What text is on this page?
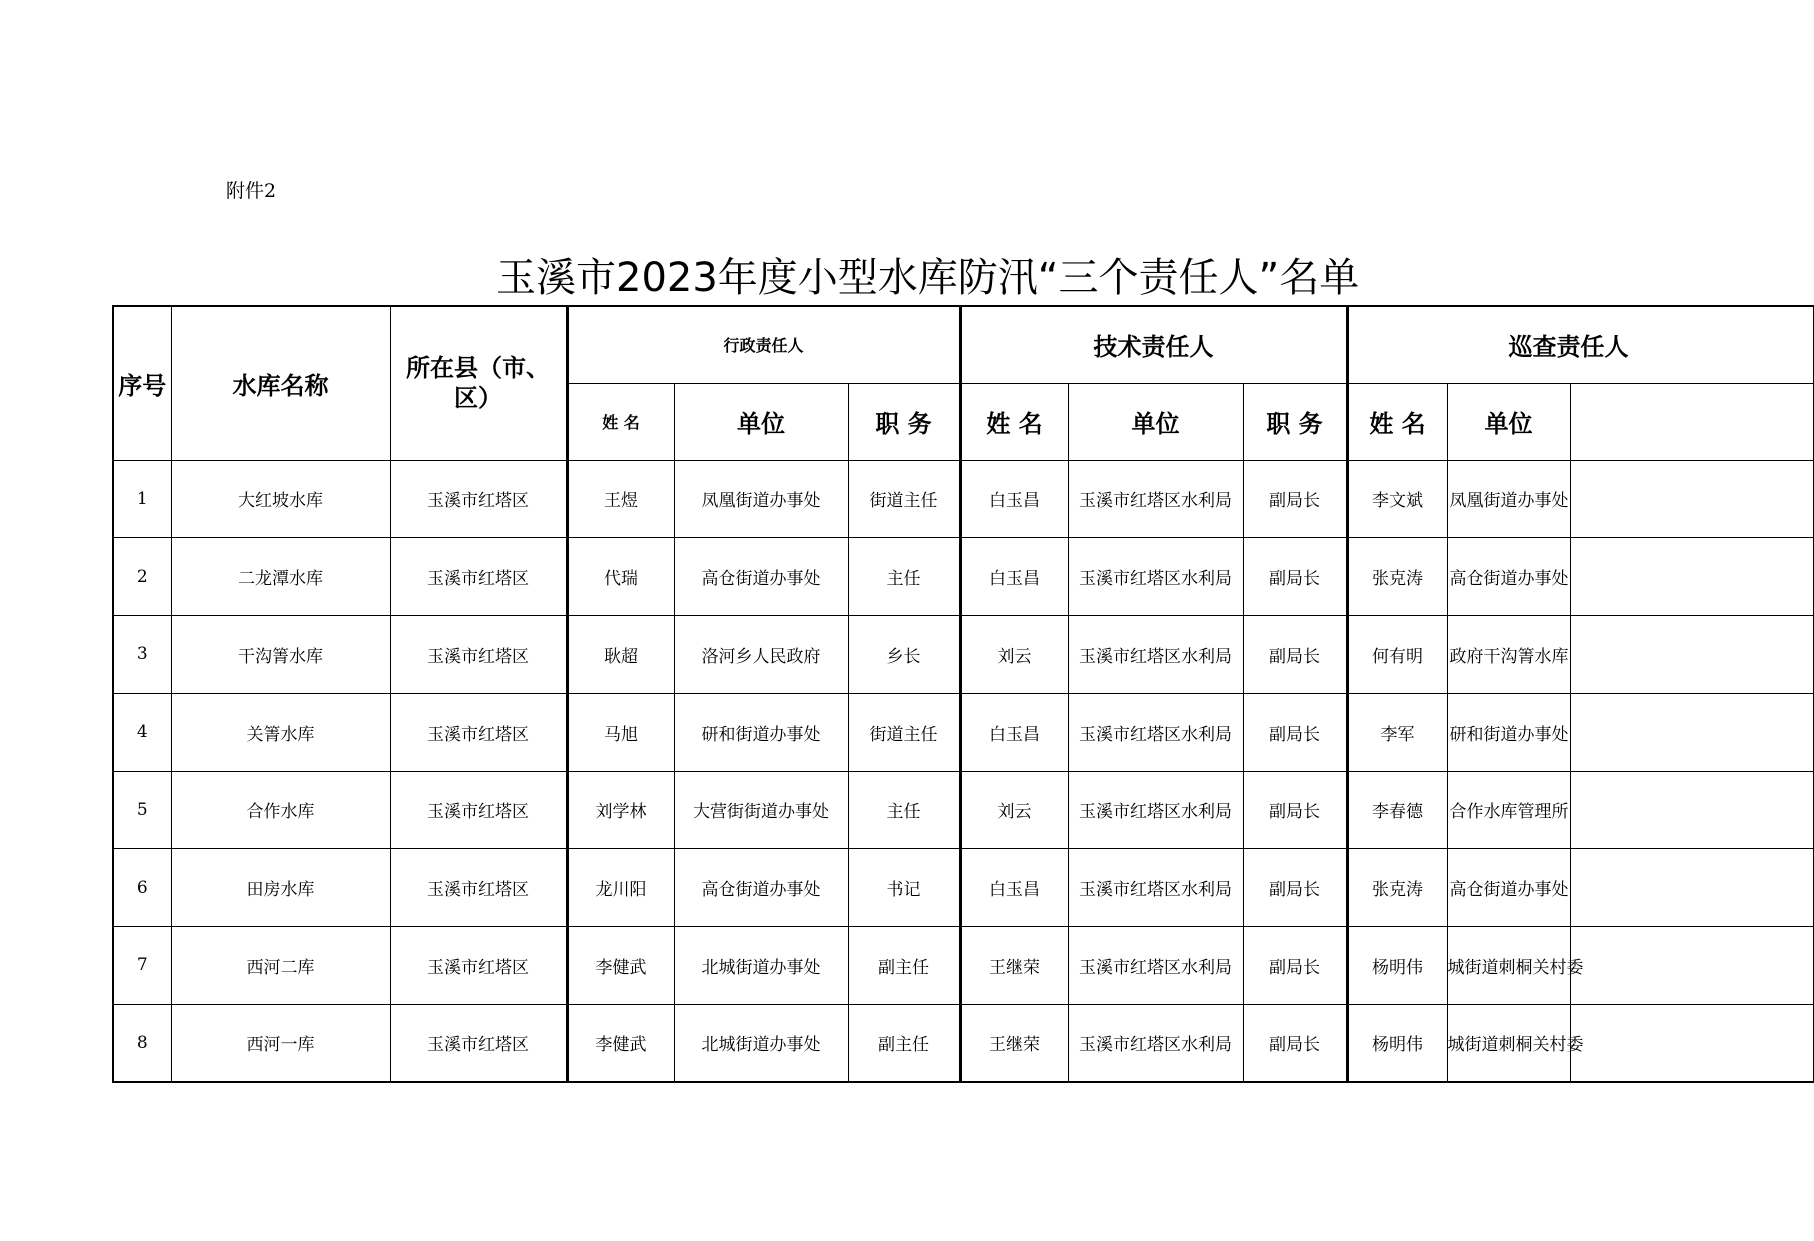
附件2
玉溪市2023年度小型水库防汛“三个责任人”名单
序号	水库名称	所在县（市、区）	行政责任人			技术责任人			巡查责任人		
			姓 名	单位	职 务	姓 名	单位	职 务	姓 名	单位	
1	大红坡水库	玉溪市红塔区	王煜	凤凰街道办事处	街道主任	白玉昌	玉溪市红塔区水利局	副局长	李文斌	凤凰街道办事处	
2	二龙潭水库	玉溪市红塔区	代瑞	高仓街道办事处	主任	白玉昌	玉溪市红塔区水利局	副局长	张克涛	高仓街道办事处	
3	干沟箐水库	玉溪市红塔区	耿超	洛河乡人民政府	乡长	刘云	玉溪市红塔区水利局	副局长	何有明	政府干沟箐水库	
4	关箐水库	玉溪市红塔区	马旭	研和街道办事处	街道主任	白玉昌	玉溪市红塔区水利局	副局长	李军	研和街道办事处	
5	合作水库	玉溪市红塔区	刘学林	大营街街道办事处	主任	刘云	玉溪市红塔区水利局	副局长	李春德	合作水库管理所	
6	田房水库	玉溪市红塔区	龙川阳	高仓街道办事处	书记	白玉昌	玉溪市红塔区水利局	副局长	张克涛	高仓街道办事处	
7	西河二库	玉溪市红塔区	李健武	北城街道办事处	副主任	王继荣	玉溪市红塔区水利局	副局长	杨明伟	城街道刺桐关村委	
8	西河一库	玉溪市红塔区	李健武	北城街道办事处	副主任	王继荣	玉溪市红塔区水利局	副局长	杨明伟	城街道刺桐关村委	
